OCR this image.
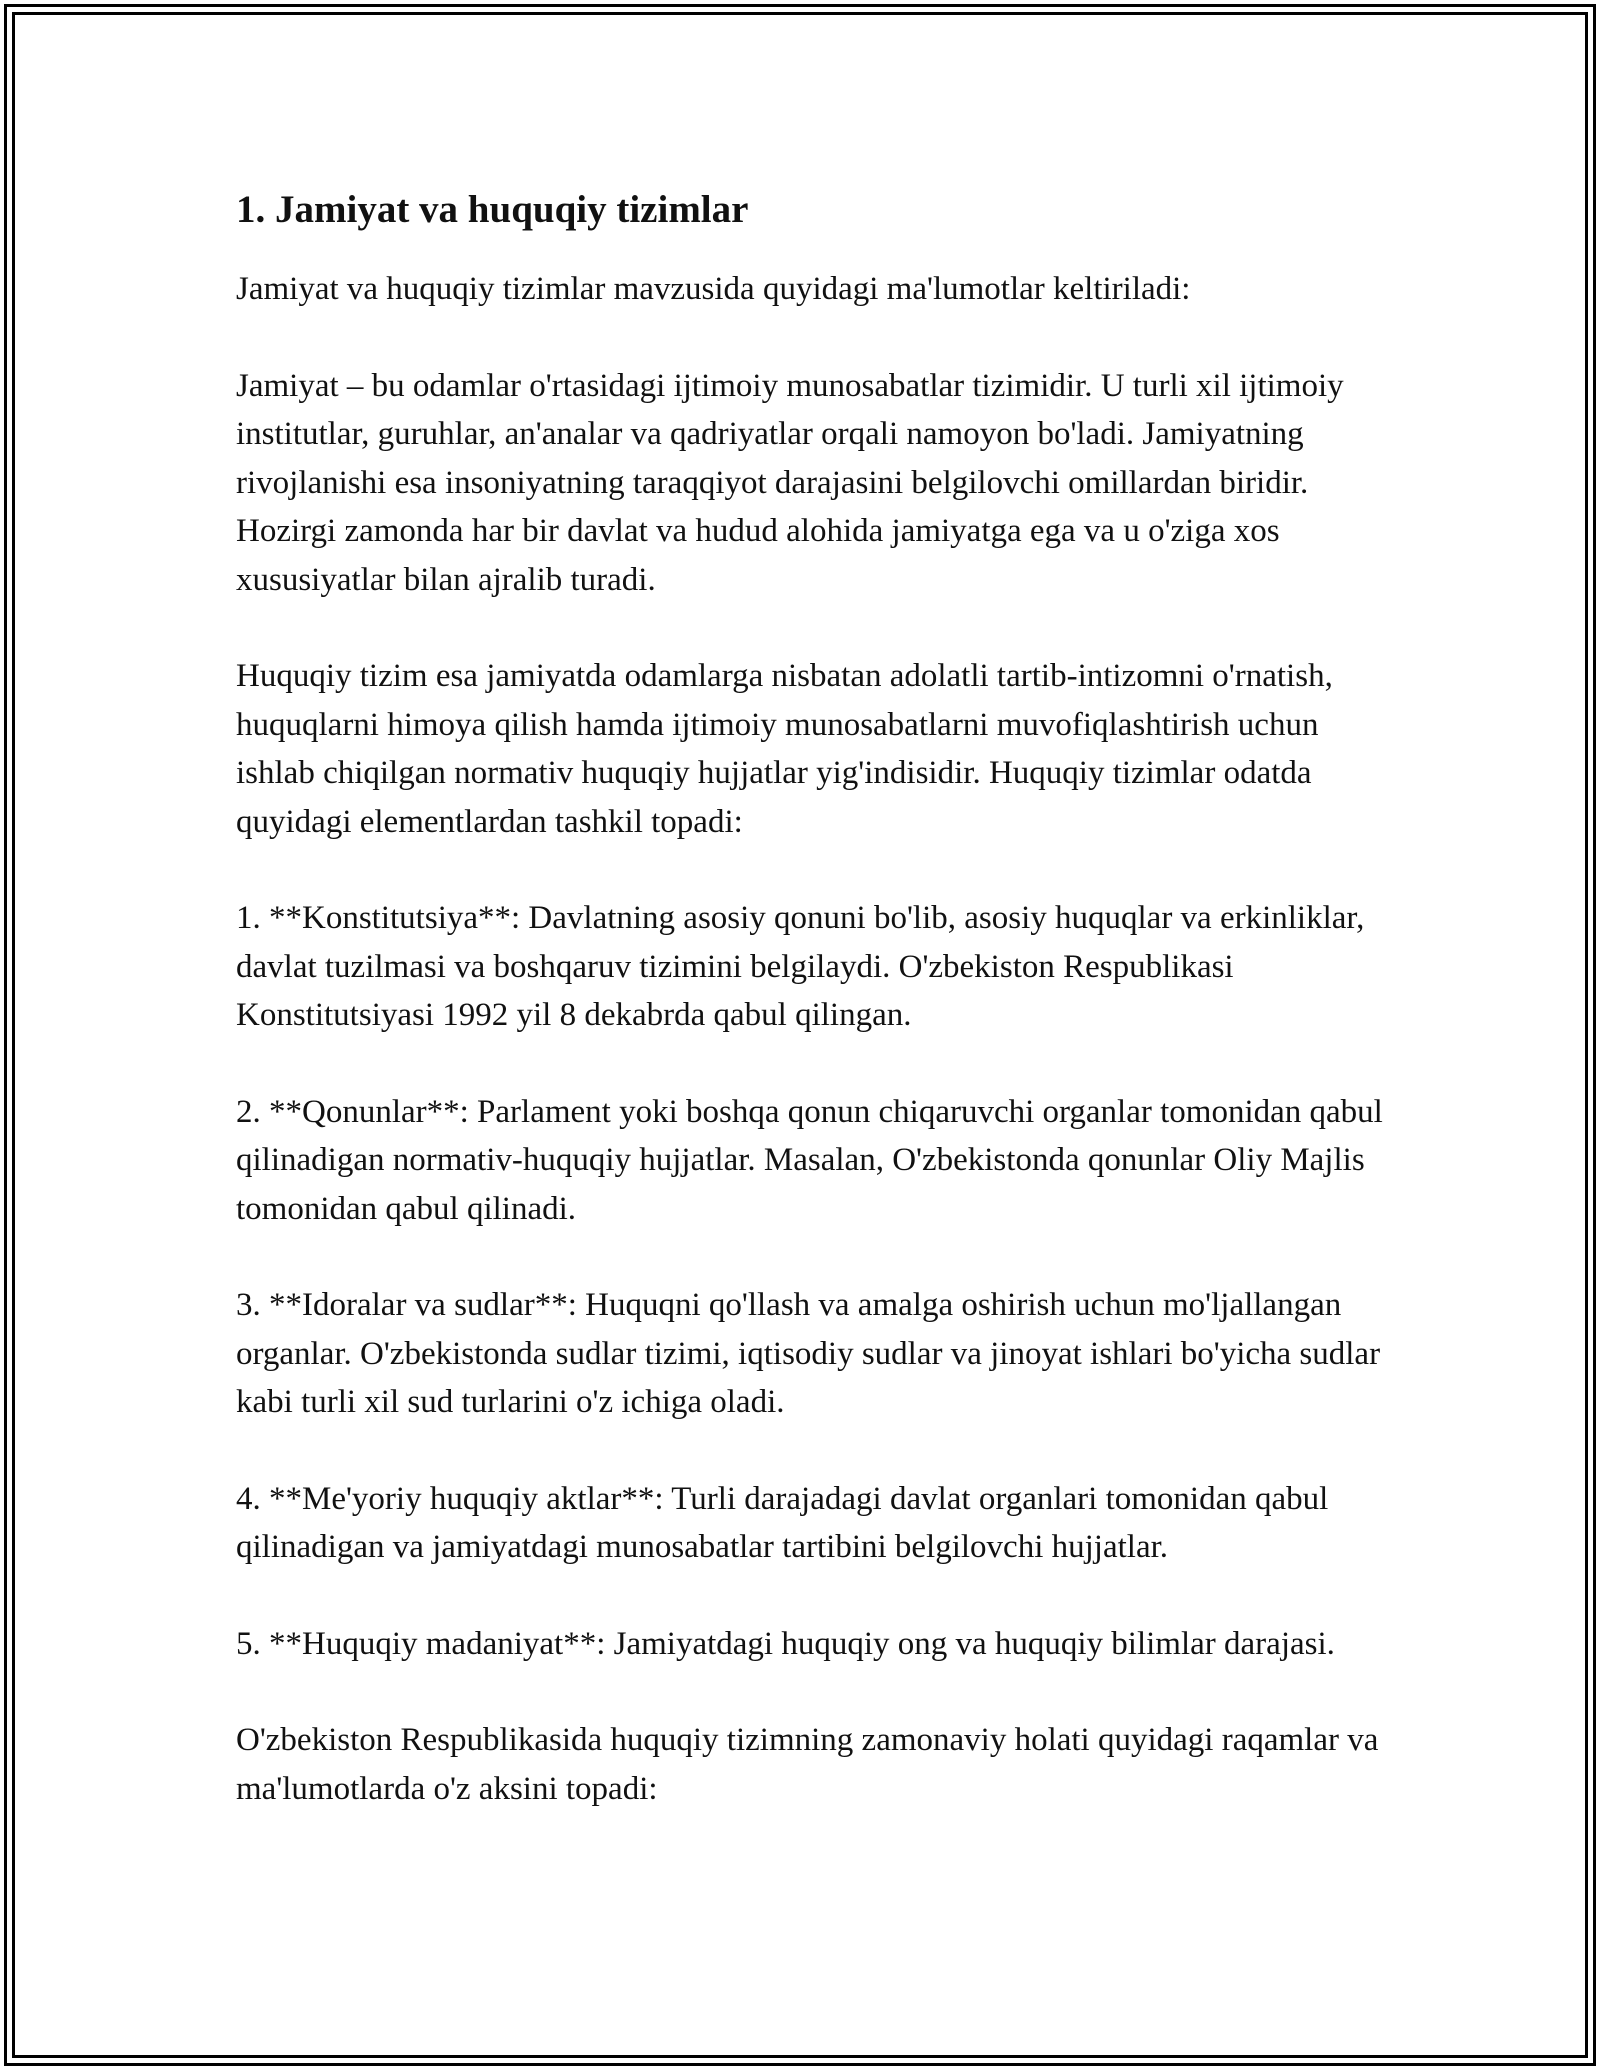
1. Jamiyat va huquqiy tizimlar

Jamiyat va huquqiy tizimlar mavzusida quyidagi ma'lumotlar keltiriladi:

Jamiyat – bu odamlar o'rtasidagi ijtimoiy munosabatlar tizimidir. U turli xil ijtimoiy institutlar, guruhlar, an'analar va qadriyatlar orqali namoyon bo'ladi. Jamiyatning rivojlanishi esa insoniyatning taraqqiyot darajasini belgilovchi omillardan biridir. Hozirgi zamonda har bir davlat va hudud alohida jamiyatga ega va u o'ziga xos xususiyatlar bilan ajralib turadi.

Huquqiy tizim esa jamiyatda odamlarga nisbatan adolatli tartib-intizomni o'rnatish, huquqlarni himoya qilish hamda ijtimoiy munosabatlarni muvofiqlashtirish uchun ishlab chiqilgan normativ huquqiy hujjatlar yig'indisidir. Huquqiy tizimlar odatda quyidagi elementlardan tashkil topadi:

1. **Konstitutsiya**: Davlatning asosiy qonuni bo'lib, asosiy huquqlar va erkinliklar, davlat tuzilmasi va boshqaruv tizimini belgilaydi. O'zbekiston Respublikasi Konstitutsiyasi 1992 yil 8 dekabrda qabul qilingan.

2. **Qonunlar**: Parlament yoki boshqa qonun chiqaruvchi organlar tomonidan qabul qilinadigan normativ-huquqiy hujjatlar. Masalan, O'zbekistonda qonunlar Oliy Majlis tomonidan qabul qilinadi.

3. **Idoralar va sudlar**: Huquqni qo'llash va amalga oshirish uchun mo'ljallangan organlar. O'zbekistonda sudlar tizimi, iqtisodiy sudlar va jinoyat ishlari bo'yicha sudlar kabi turli xil sud turlarini o'z ichiga oladi.

4. **Me'yoriy huquqiy aktlar**: Turli darajadagi davlat organlari tomonidan qabul qilinadigan va jamiyatdagi munosabatlar tartibini belgilovchi hujjatlar.

5. **Huquqiy madaniyat**: Jamiyatdagi huquqiy ong va huquqiy bilimlar darajasi.

O'zbekiston Respublikasida huquqiy tizimning zamonaviy holati quyidagi raqamlar va ma'lumotlarda o'z aksini topadi:
